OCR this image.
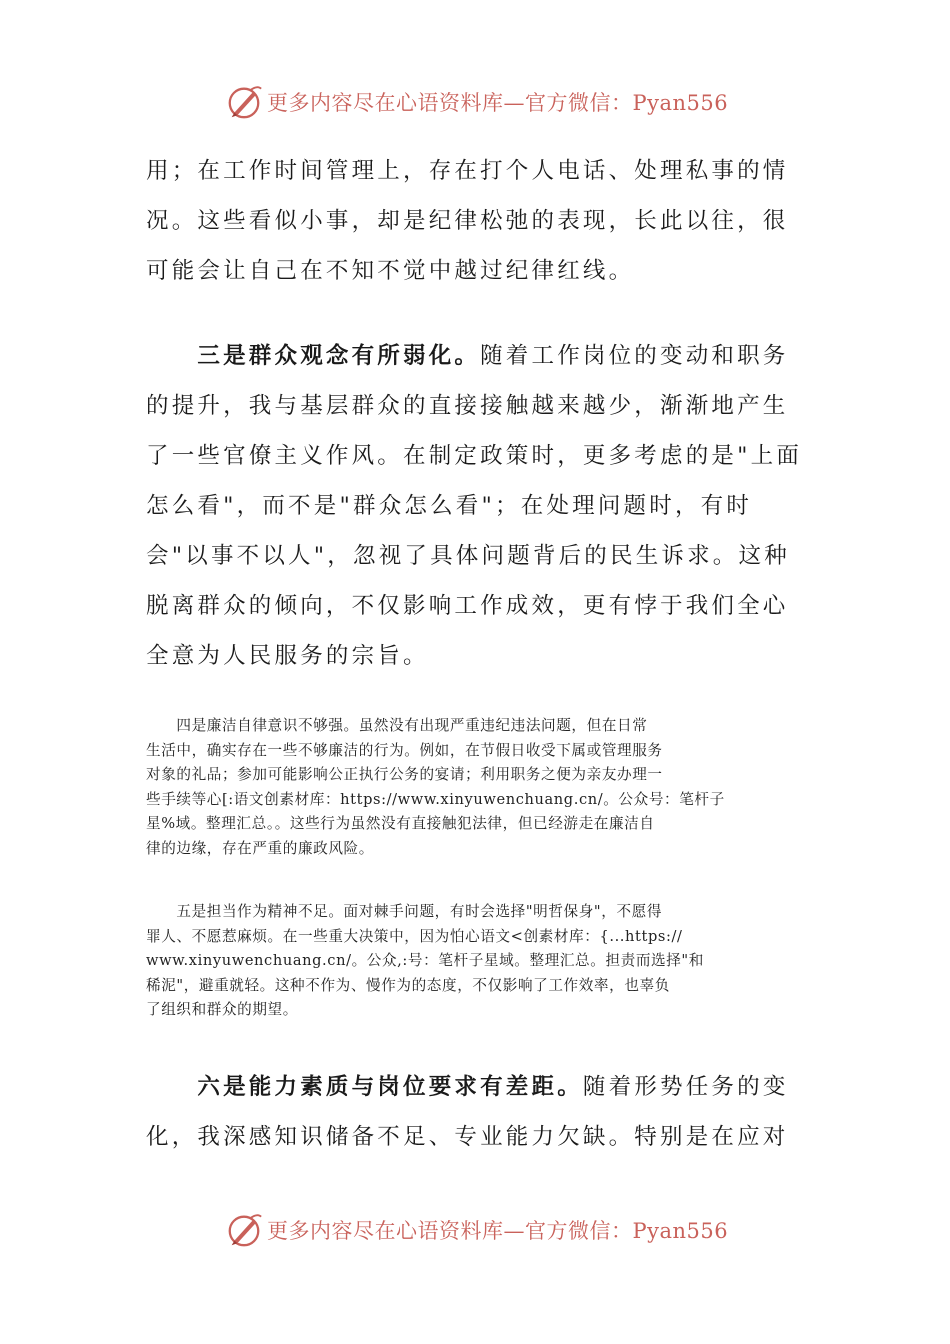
更多内容尽在心语资料库—官方微信：Pyan556

用；在工作时间管理上，存在打个人电话、处理私事的情
况。这些看似小事，却是纪律松弛的表现，长此以往，很
可能会让自己在不知不觉中越过纪律红线。

　　三是群众观念有所弱化。随着工作岗位的变动和职务
的提升，我与基层群众的直接接触越来越少，渐渐地产生
了一些官僚主义作风。在制定政策时，更多考虑的是"上面
怎么看"，而不是"群众怎么看"；在处理问题时，有时
会"以事不以人"，忽视了具体问题背后的民生诉求。这种
脱离群众的倾向，不仅影响工作成效，更有悖于我们全心
全意为人民服务的宗旨。

　　四是廉洁自律意识不够强。虽然没有出现严重违纪违法问题，但在日常
生活中，确实存在一些不够廉洁的行为。例如，在节假日收受下属或管理服务
对象的礼品；参加可能影响公正执行公务的宴请；利用职务之便为亲友办理一
些手续等心[:语文创素材库：https://www.xinyuwenchuang.cn/。公众号：笔杆子
星%域。整理汇总。。这些行为虽然没有直接触犯法律，但已经游走在廉洁自
律的边缘，存在严重的廉政风险。

　　五是担当作为精神不足。面对棘手问题，有时会选择"明哲保身"，不愿得
罪人、不愿惹麻烦。在一些重大决策中，因为怕心语文<创素材库：{...https://
www.xinyuwenchuang.cn/。公众,:号：笔杆子星域。整理汇总。担责而选择"和
稀泥"，避重就轻。这种不作为、慢作为的态度，不仅影响了工作效率，也辜负
了组织和群众的期望。

　　六是能力素质与岗位要求有差距。随着形势任务的变
化，我深感知识储备不足、专业能力欠缺。特别是在应对

更多内容尽在心语资料库—官方微信：Pyan556
